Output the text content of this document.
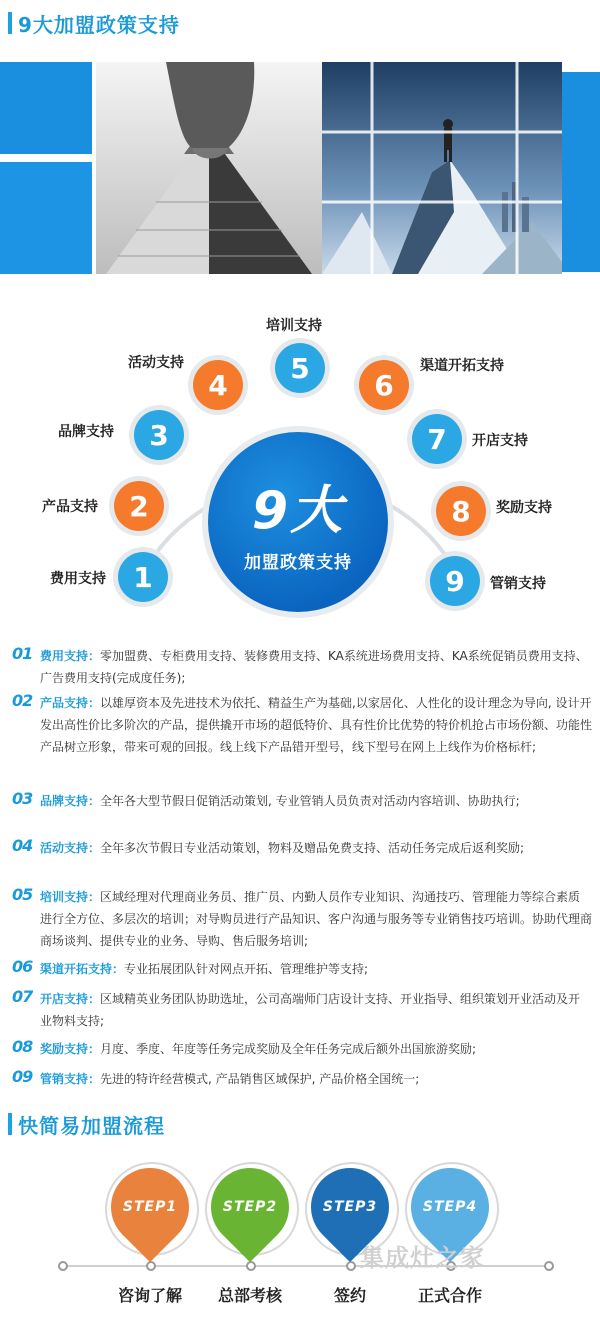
9大加盟政策支持
9大
加盟政策支持
1
2
3
4
5
6
7
8
9
费用支持
产品支持
品牌支持
活动支持
培训支持
渠道开拓支持
开店支持
奖励支持
管销支持
01 费用支持：零加盟费、专柜费用支持、装修费用支持、KA系统进场费用支持、KA系统促销员费用支持、广告费用支持(完成度任务);
02 产品支持：以雄厚资本及先进技术为依托、精益生产为基础,以家居化、人性化的设计理念为导向, 设计开发出高性价比多阶次的产品，提供撬开市场的超低特价、具有性价比优势的特价机抢占市场份额、功能性产品树立形象，带来可观的回报。线上线下产品错开型号，线下型号在网上上线作为价格标杆;
03 品牌支持：全年各大型节假日促销活动策划, 专业管销人员负责对活动内容培训、协助执行;
04 活动支持：全年多次节假日专业活动策划，物料及赠品免费支持、活动任务完成后返利奖励;
05 培训支持：区域经理对代理商业务员、推广员、内勤人员作专业知识、沟通技巧、管理能力等综合素质进行全方位、多层次的培训；对导购员进行产品知识、客户沟通与服务等专业销售技巧培训。协助代理商商场谈判、提供专业的业务、导购、售后服务培训;
06 渠道开拓支持：专业拓展团队针对网点开拓、管理维护等支持;
07 开店支持：区域精英业务团队协助选址，公司高端师门店设计支持、开业指导、组织策划开业活动及开业物料支持;
08 奖励支持：月度、季度、年度等任务完成奖励及全年任务完成后额外出国旅游奖励;
09 管销支持：先进的特许经营模式, 产品销售区域保护, 产品价格全国统一;
快简易加盟流程
STEP1	STEP2	STEP3	STEP4
咨询了解	总部考核	签约	正式合作
集成灶之家
